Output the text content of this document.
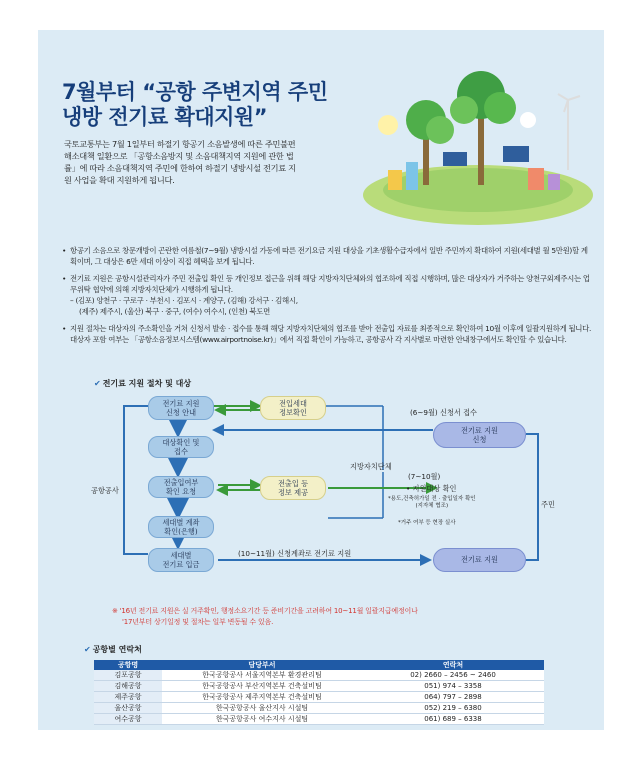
7월부터 “공항 주변지역 주민
냉방 전기료 확대지원”
국토교통부는 7월 1일부터 하절기 항공기 소음발생에 따른 주민불편 해소대책 일환으로 「공항소음방지 및 소음대책지역 지원에 관한 법률」에 따라 소음대책지역 주민에 한하여 하절기 냉방시설 전기료 지원 사업을 확대 지원하게 됩니다.
• 항공기 소음으로 창문개방이 곤란한 여름철(7~9월) 냉방시설 가동에 따른 전기요금 지원 대상을 기초생활수급자에서 일반 주민까지 확대하여 지원(세대별 월 5만원)할 계획이며, 그 대상은 6만 세대 이상이 직접 혜택을 보게 됩니다.
• 전기료 지원은 공항시설관리자가 주민 전출입 확인 등 개인정보 접근을 위해 해당 지방자치단체와의 협조하에 직접 시행하며, 많은 대상자가 거주하는 양천구외제주시는 업무위탁 협약에 의해 지방자치단체가 시행하게 됩니다.
– (김포) 양천구 · 구로구 · 부천시 · 김포시 · 계양구, (김해) 강서구 · 김해시,
(제주) 제주시, (울산) 북구 · 중구, (여수) 여수시, (인천) 북도면
• 지원 절차는 대상자의 주소확인을 거쳐 신청서 발송 · 접수를 통해 해당 지방자치단체의 협조를 받아 전출입 자료를 최종적으로 확인하여 10월 이후에 일괄지원하게 됩니다. 대상자 포함 여부는 「공항소음정보시스템(www.airportnoise.kr)」에서 직접 확인이 가능하고, 공항공사 각 지사별로 마련한 안내창구에서도 확인할 수 있습니다.
✔ 전기료 지원 절차 및 대상
전기료 지원
신청 안내
전입세대
정보확인
전기료 지원
신청
대상확인 및
접수
전출입여부
확인 요청
전출입 등
정보 제공
세대별 계좌
확인(은행)
세대별
전기료 입금
전기료 지원
공항공사
지방자치단체
주민
(6~9월) 신청서 접수
(7~10월)
• 지원대상 확인
*용도,건축허가일 전 · 출입일자 확인
(지자체 협조)
*거주 여부 등 현장 실사
(10~11월) 신청계좌로 전기료 지원
※ '16년 전기료 지원은 실 거주확인, 행정소요기간 등 준비기간을 고려하여 10~11월 일괄지급예정이나
'17년부터 상기일정 및 절차는 일부 변동될 수 있음.
✔ 공항별 연락처
공항명	담당부서	연락처
김포공항	한국공항공사 서울지역본부 환경관리팀	02) 2660 – 2456 ~ 2460
김해공항	한국공항공사 부산지역본부 건축설비팀	051) 974 – 3358
제주공항	한국공항공사 제주지역본부 건축설비팀	064) 797 – 2898
울산공항	한국공항공사 울산지사 시설팀	052) 219 – 6380
여수공항	한국공항공사 여수지사 시설팀	061) 689 – 6338
